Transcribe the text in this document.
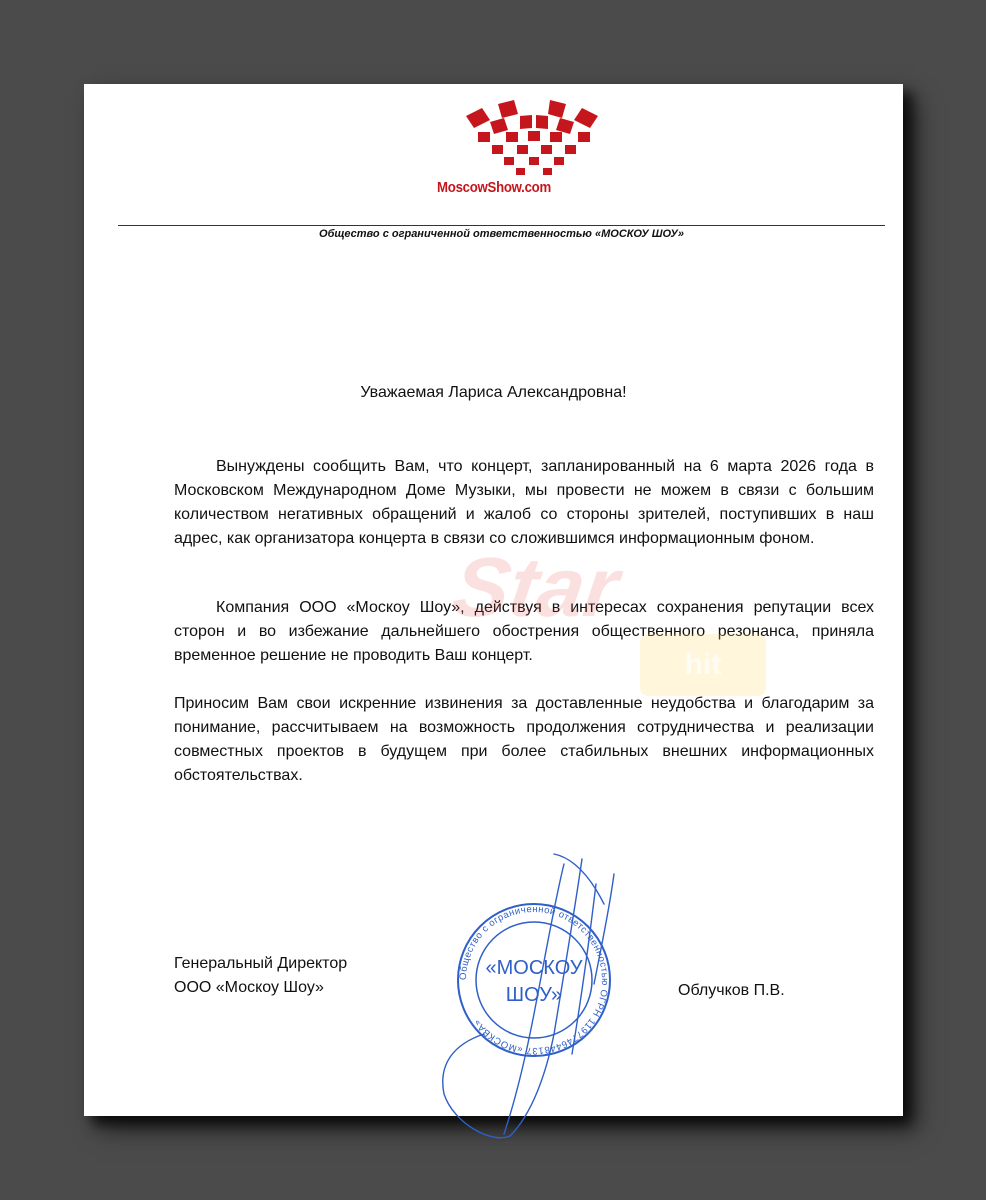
MoscowShow.com
Общество с ограниченной ответственностью «МОСКОУ ШОУ»
Уважаемая Лариса Александровна!

Вынуждены сообщить Вам, что концерт, запланированный на 6 марта 2026 года в Московском Международном Доме Музыки, мы провести не можем в связи с большим количеством негативных обращений и жалоб со стороны зрителей, поступивших в наш адрес, как организатора концерта в связи со сложившимся информационным фоном.

Компания ООО «Москоу Шоу», действуя в интересах сохранения репутации всех сторон и во избежание дальнейшего обострения общественного резонанса, приняла временное решение не проводить Ваш концерт.

Приносим Вам свои искренние извинения за доставленные неудобства и благодарим за понимание, рассчитываем на возможность продолжения сотрудничества и реализации совместных проектов в будущем при более стабильных внешних информационных обстоятельствах.

Star
hit
Генеральный Директор
ООО «Москоу Шоу»
Общество с ограниченной ответственностью ОГРН 1197746448137 «МОСКВА»
«МОСКОУ
ШОУ»	Облучков П.В.
